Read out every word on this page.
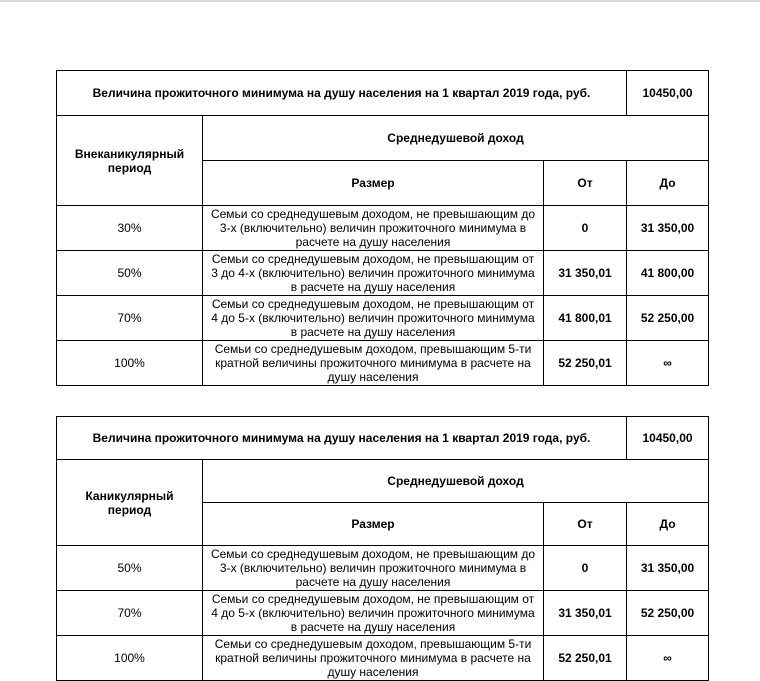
Величина прожиточного минимума на душу населения на 1 квартал 2019 года, руб.			10450,00
Внеканикулярный период	Среднедушевой доход		
	Размер	От	До
30%	Семьи со среднедушевым доходом, не превышающим до 3-х (включительно) величин прожиточного минимума в расчете на душу населения	0	31 350,00
50%	Семьи со среднедушевым доходом, не превышающим от 3 до 4-х (включительно) величин прожиточного минимума в расчете на душу населения	31 350,01	41 800,00
70%	Семьи со среднедушевым доходом, не превышающим от 4 до 5-х (включительно) величин прожиточного минимума в расчете на душу населения	41 800,01	52 250,00
100%	Семьи со среднедушевым доходом, превышающим 5-ти кратной величины прожиточного минимума в расчете на душу населения	52 250,01	∞
Величина прожиточного минимума на душу населения на 1 квартал 2019 года, руб.			10450,00
Каникулярный период	Среднедушевой доход		
	Размер	От	До
50%	Семьи со среднедушевым доходом, не превышающим до 3-х (включительно) величин прожиточного минимума в расчете на душу населения	0	31 350,00
70%	Семьи со среднедушевым доходом, не превышающим от 4 до 5-х (включительно) величин прожиточного минимума в расчете на душу населения	31 350,01	52 250,00
100%	Семьи со среднедушевым доходом, превышающим 5-ти кратной величины прожиточного минимума в расчете на душу населения	52 250,01	∞
